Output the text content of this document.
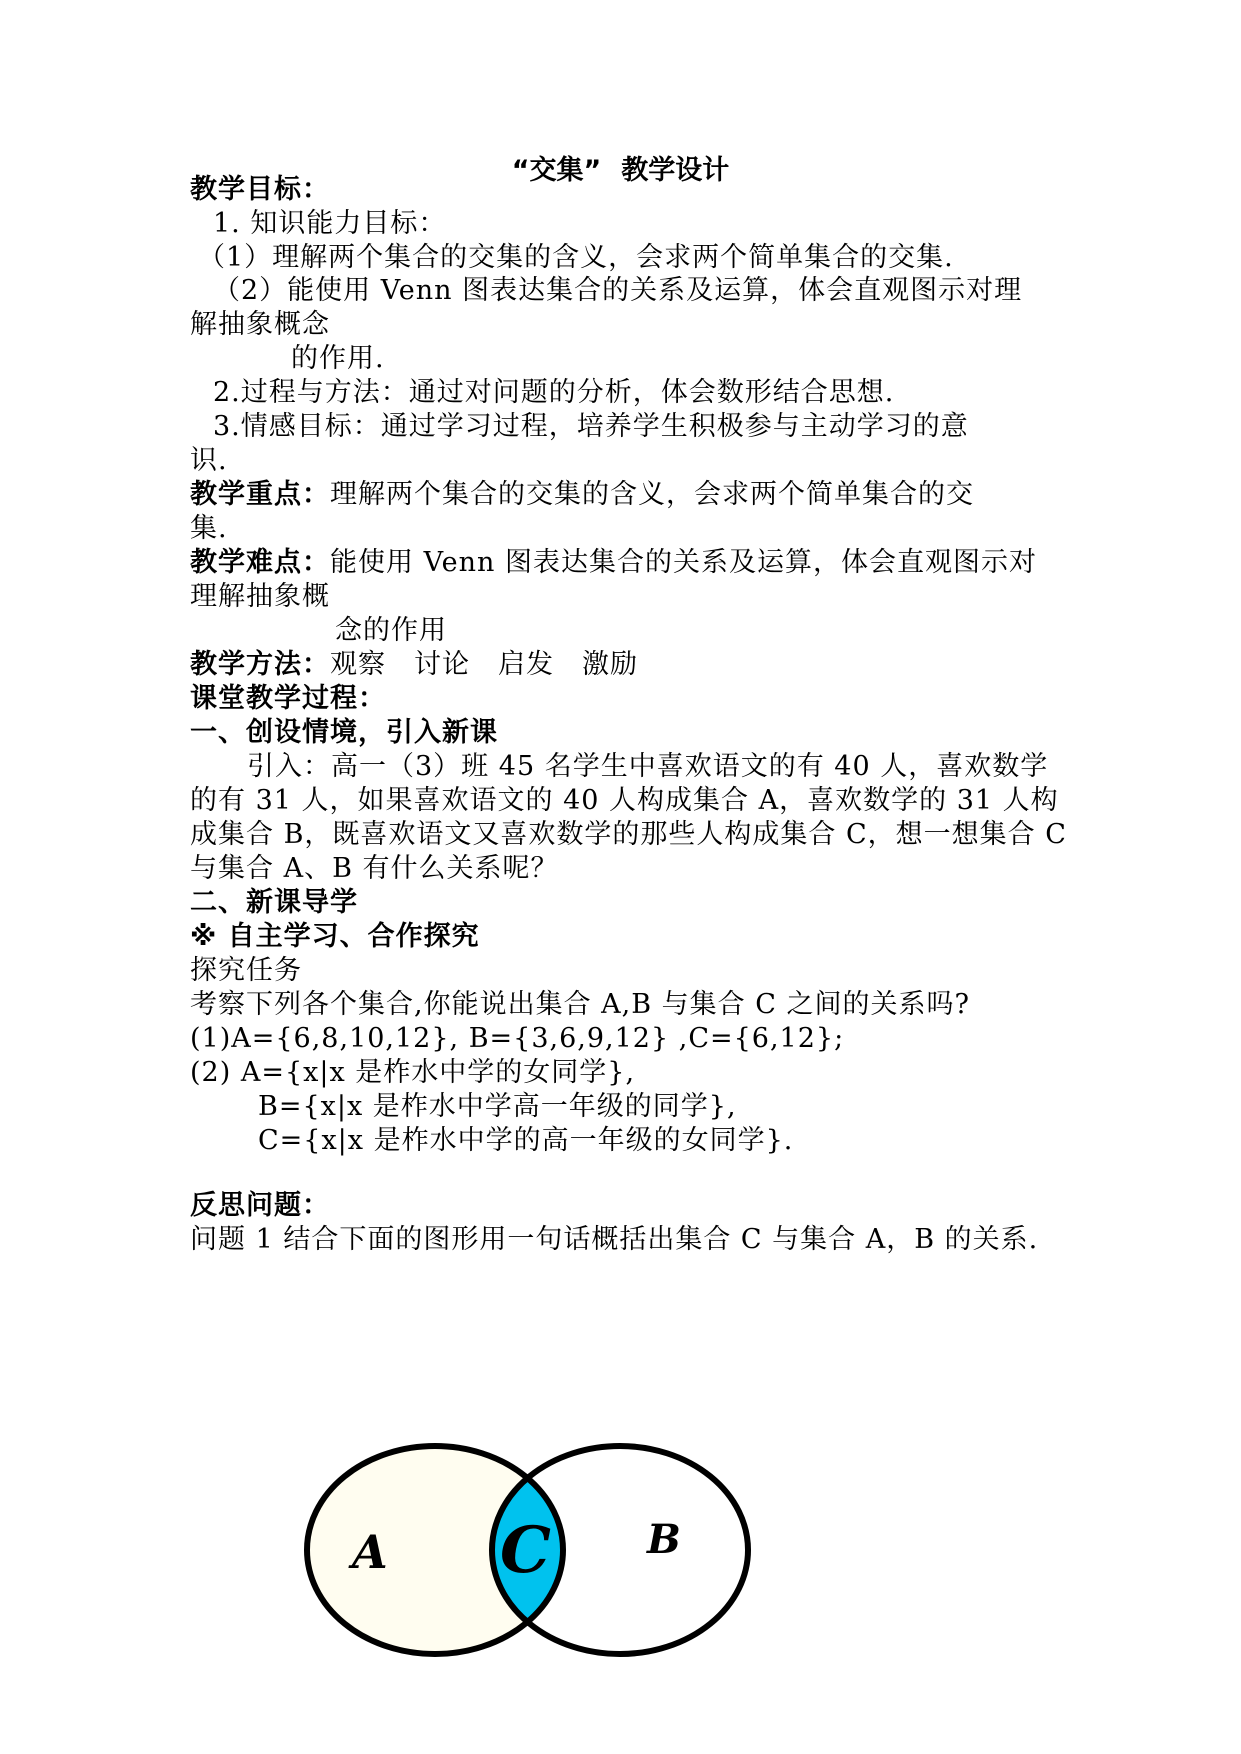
“交集” 教学设计
教学目标：
1. 知识能力目标：
（1）理解两个集合的交集的含义，会求两个简单集合的交集.
（2）能使用 Venn 图表达集合的关系及运算，体会直观图示对理
解抽象概念
的作用.
2.过程与方法：通过对问题的分析，体会数形结合思想.
3.情感目标：通过学习过程，培养学生积极参与主动学习的意
识.
教学重点：理解两个集合的交集的含义，会求两个简单集合的交
集.
教学难点：能使用 Venn 图表达集合的关系及运算，体会直观图示对
理解抽象概
念的作用
教学方法：观察　讨论　启发　激励
课堂教学过程：
一、创设情境，引入新课
引入：高一（3）班 45 名学生中喜欢语文的有 40 人，喜欢数学
的有 31 人，如果喜欢语文的 40 人构成集合 A，喜欢数学的 31 人构
成集合 B，既喜欢语文又喜欢数学的那些人构成集合 C，想一想集合 C
与集合 A、B 有什么关系呢？
二、新课导学
※ 自主学习、合作探究
探究任务
考察下列各个集合,你能说出集合 A,B 与集合 C 之间的关系吗?
(1)A={6,8,10,12}, B={3,6,9,12} ,C={6,12};
(2) A={x|x 是柞水中学的女同学},
B={x|x 是柞水中学高一年级的同学},
C={x|x 是柞水中学的高一年级的女同学}.
反思问题：
问题 1 结合下面的图形用一句话概括出集合 C 与集合 A，B 的关系.
A C B
